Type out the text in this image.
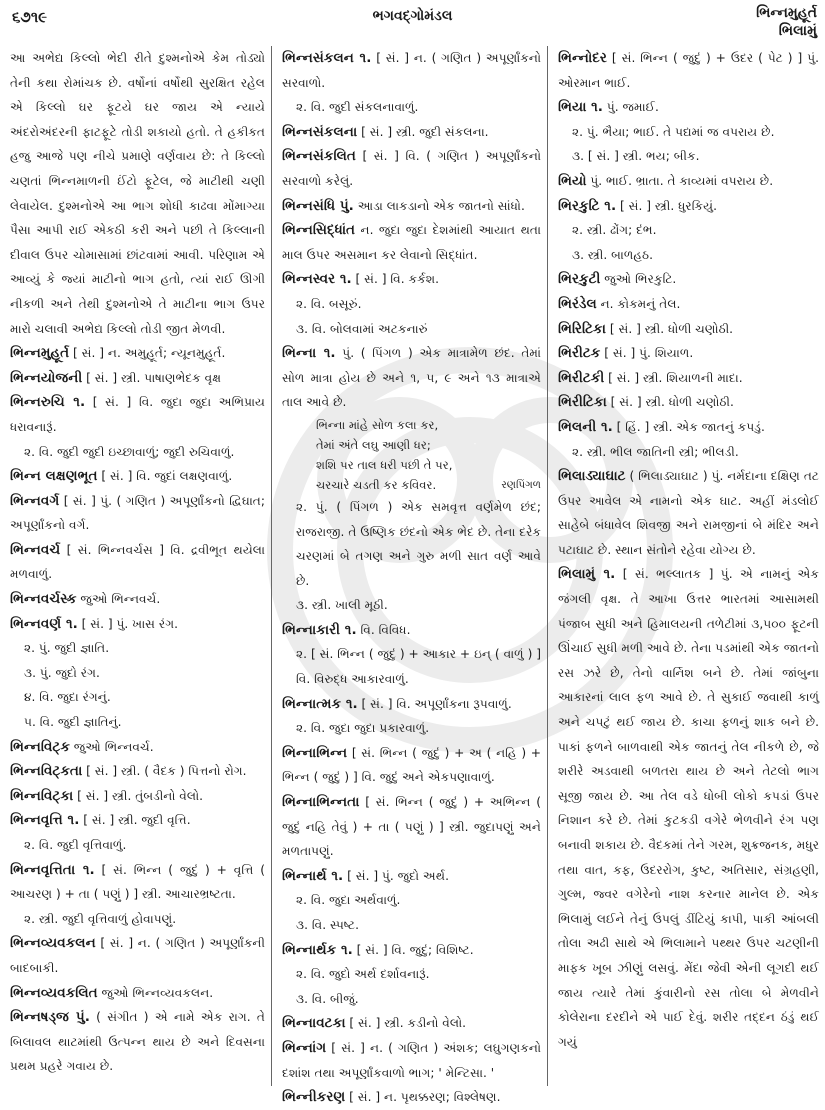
૬૭૧૯	ભગવદ્ગોમંડલ	ભિન્નમુહૂર્ત
ભિલામું
આ અભેદ્ય કિલ્લો ભેદી રીતે દુશ્મનોએ કેમ તોડ્યો તેની કથા રોમાંચક છે. વર્ષોનાં વર્ષોથી સુરક્ષિત રહેલ એ કિલ્લો ઘર ફૂટયે ઘર જાય એ ન્યાયે અંદરોઅંદરની ફાટફૂટે તોડી શકાયો હતો. તે હકીકત હજુ આજે પણ નીચે પ્રમાણે વર્ણવાય છે: તે કિલ્લો ચણતાં ભિન્નમાળની ઈંટો ફૂટેલ, જે માટીથી ચણી લેવાયેલ. દુશ્મનોએ આ ભાગ શોધી કાઢવા મોંમાગ્યા પૈસા આપી રાઈ એકઠી કરી અને પછી તે કિલ્લાની દીવાલ ઉપર ચોમાસામાં છાંટવામાં આવી. પરિણામ એ આવ્યું કે જ્યાં માટીનો ભાગ હતો, ત્યાં રાઈ ઊગી નીકળી અને તેથી દુશ્મનોએ તે માટીના ભાગ ઉપર મારો ચલાવી અભેદ્ય કિલ્લો તોડી જીત મેળવી.
ભિન્નમુહૂર્ત [ સં. ] ન. અમુહૂર્ત; ન્યૂનમુહૂર્ત.
ભિન્નયોજની [ સં. ] સ્ત્રી. પાષાણભેદક વૃક્ષ
ભિન્નરુચિ ૧. [ સં. ] વિ. જુદા જુદા અભિપ્રાય ધરાવનારૂં.
૨. વિ. જુદી જુદી ઇચ્છાવાળું; જુદી રુચિવાળું.
ભિન્ન લક્ષણભૂત [ સં. ] વિ. જુદાં લક્ષણવાળું.
ભિન્નવર્ગ [ સં. ] પું. ( ગણિત ) અપૂર્ણાંકનો દ્વિઘાત; અપૂર્ણાંકનો વર્ગ.
ભિન્નવર્ચ [ સં. ભિન્નવર્ચસ ] વિ. દ્રવીભૂત થયેલા મળવાળું.
ભિન્નવર્ચસ્ક જુઓ ભિન્નવર્ચ.
ભિન્નવર્ણ ૧. [ સં. ] પું. ખાસ રંગ.
૨. પું. જુદી જ્ઞાતિ.
૩. પું. જુદો રંગ.
૪. વિ. જુદા રંગનું.
૫. વિ. જુદી જ્ઞાતિનું.
ભિન્નવિટ્ક જુઓ ભિન્નવર્ચ.
ભિન્નવિટ્કતા [ સં. ] સ્ત્રી. ( વૈદક ) પિત્તનો રોગ.
ભિન્નવિટ્કા [ સં. ] સ્ત્રી. તુંબડીનો વેલો.
ભિન્નવૃત્તિ ૧. [ સં. ] સ્ત્રી. જુદી વૃત્તિ.
૨. વિ. જુદી વૃત્તિવાળું.
ભિન્નવૃત્તિતા ૧. [ સં. ભિન્ન ( જુદું ) + વૃત્તિ ( આચરણ ) + તા ( પણું ) ] સ્ત્રી. આચારભ્રષ્ટતા.
૨. સ્ત્રી. જુદી વૃત્તિવાળું હોવાપણું.
ભિન્નવ્યવકલન [ સં. ] ન. ( ગણિત ) અપૂર્ણાંકની બાદબાકી.
ભિન્નવ્યવકલિત જુઓ ભિન્નવ્યવકલન.
ભિન્નષડ્જ પું. ( સંગીત ) એ નામે એક રાગ. તે બિલાવલ થાટમાંથી ઉત્પન્ન થાય છે અને દિવસના પ્રથમ પ્રહરે ગવાય છે.
ભિન્નસંકલન ૧. [ સં. ] ન. ( ગણિત ) અપૂર્ણાંકનો સરવાળો.
૨. વિ. જુદી સંકલનાવાળું.
ભિન્નસંકલના [ સં. ] સ્ત્રી. જુદી સંકલના.
ભિન્નસંકલિત [ સં. ] વિ. ( ગણિત ) અપૂર્ણાંકનો સરવાળો કરેલું.
ભિન્નસંધિ પું. આડા લાકડાનો એક જાતનો સાંધો.
ભિન્નસિદ્ધાંત ન. જુદા જુદા દેશમાંથી આયાત થતા માલ ઉપર અસમાન કર લેવાનો સિદ્ધાંત.
ભિન્નસ્વર ૧. [ સં. ] વિ. કર્કશ.
૨. વિ. બસૂરું.
૩. વિ. બોલવામાં અટકનારું
ભિન્ના ૧. પું. ( પિંગળ ) એક માત્રામેળ છંદ. તેમાં સોળ માત્રા હોય છે અને ૧, ૫, ૯ અને ૧૩ માત્રાએ તાલ આવે છે.
ભિન્ના માંહે સોળ કલા કર,
તેમાં અંતે લઘુ આણી ધર;
શશિ પર તાલ ધરી પછી તે પર,
ચરચારે ચડતી કર કવિવર.	રણપિંગળ
૨. પું. ( પિંગળ ) એક સમવૃત્ત વર્ણમેળ છંદ; રાજરાજી. તે ઉષ્ણિક છંદનો એક ભેદ છે. તેના દરેક ચરણમાં બે તગણ અને ગુરુ મળી સાત વર્ણ આવે છે.
૩. સ્ત્રી. ખાલી મૂઠી.
ભિન્નાકારી ૧. વિ. વિવિધ.
૨. [ સં. ભિન્ન ( જુદું ) + આકાર + ઇન્ ( વાળું ) ] વિ. વિરુદ્ધ આકારવાળું.
ભિન્નાત્મક ૧. [ સં. ] વિ. અપૂર્ણાંકના રૂપવાળું.
૨. વિ. જુદા જુદા પ્રકારવાળું.
ભિન્નાભિન્ન [ સં. ભિન્ન ( જુદું ) + અ ( નહિ ) + ભિન્ન ( જુદું ) ] વિ. જુદું અને એકપણાવાળું.
ભિન્નાભિન્નતા [ સં. ભિન્ન ( જુદું ) + અભિન્ન ( જુદું નહિ તેવું ) + તા ( પણું ) ] સ્ત્રી. જુદાપણું અને મળતાપણું.
ભિન્નાર્થ ૧. [ સં. ] પું. જુદો અર્થ.
૨. વિ. જુદા અર્થવાળું.
૩. વિ. સ્પષ્ટ.
ભિન્નાર્થક ૧. [ સં. ] વિ. જુદું; વિશિષ્ટ.
૨. વિ. જુદો અર્થ દર્શાવનારૂં.
૩. વિ. બીજું.
ભિન્નાવટકા [ સં. ] સ્ત્રી. કડીનો વેલો.
ભિન્નાંગ [ સં. ] ન. ( ગણિત ) અંશક; લઘુગણકનો દશાંશ તથા અપૂર્ણાંકવાળો ભાગ; ' મેન્ટિસા. '
ભિન્નીકરણ [ સં. ] ન. પૃથક્કરણ; વિશ્લેષણ.
ભિન્નોદર [ સં. ભિન્ન ( જુદું ) + ઉદર ( પેટ ) ] પું. ઓરમાન ભાઈ.
ભિયા ૧. પું. જમાઈ.
૨. પું. ભૈયા; ભાઈ. તે પદ્યમાં જ વપરાય છે.
૩. [ સં. ] સ્ત્રી. ભય; બીક.
ભિયો પું. ભાઈ. ભ્રાતા. તે કાવ્યમાં વપરાય છે.
ભિરકુટિ ૧. [ સં. ] સ્ત્રી. ધુરકિયું.
૨. સ્ત્રી. ઢોંગ; દંભ.
૩. સ્ત્રી. બાળહઠ.
ભિરકુટી જુઓ ભિરકુટિ.
ભિરંડેલ ન. કોકમનું તેલ.
ભિરિટિકા [ સં. ] સ્ત્રી. ધોળી ચણોઠી.
ભિરીટક [ સં. ] પું. શિયાળ.
ભિરીટકી [ સં. ] સ્ત્રી. શિયાળની માદા.
ભિરીટિકા [ સં. ] સ્ત્રી. ધોળી ચણોઠી.
ભિલની ૧. [ હિં. ] સ્ત્રી. એક જાતનું કપડું.
૨. સ્ત્રી. ભીલ જાતિની સ્ત્રી; ભીલડી.
ભિલાડ્યાઘાટ ( ભિલાડ્યાઘાટ ) પું. નર્મદાના દક્ષિણ તટ ઉપર આવેલ એ નામનો એક ઘાટ. અહીં મંડલોઈ સાહેબે બંધાવેલ શિવજી અને રામજીનાં બે મંદિર અને પટાઘાટ છે. સ્થાન સંતોને રહેવા યોગ્ય છે.
ભિલામું ૧. [ સં. ભલ્લાતક ] પું. એ નામનું એક જંગલી વૃક્ષ. તે આખા ઉત્તર ભારતમાં આસામથી પંજાબ સુધી અને હિમાલયની તળેટીમાં ૩,૫૦૦ ફૂટની ઊંચાઈ સુધી મળી આવે છે. તેના પડમાંથી એક જાતનો રસ ઝરે છે, તેનો વાર્નિશ બને છે. તેમાં જાંબુના આકારનાં લાલ ફળ આવે છે. તે સુકાઈ જવાથી કાળું અને ચપટું થઈ જાય છે. કાચા ફળનું શાક બને છે. પાકાં ફળને બાળવાથી એક જાતનું તેલ નીકળે છે, જે શરીરે અડવાથી બળતરા થાય છે અને તેટલો ભાગ સૂજી જાય છે. આ તેલ વડે ધોબી લોકો કપડાં ઉપર નિશાન કરે છે. તેમાં કુટકડી વગેરે ભેળવીને રંગ પણ બનાવી શકાય છે. વૈદકમાં તેને ગરમ, શુક્રજનક, મધુર તથા વાત, કફ, ઉદરરોગ, કુષ્ટ, અતિસાર, સંગ્રહણી, ગુલ્મ, જ્વર વગેરેનો નાશ કરનાર માનેલ છે. એક ભિલામું લઈને તેનું ઉપલું ડીંટિયું કાપી, પાકી આંબલી તોલા અઢી સાથે એ ભિલામાને પથ્થર ઉપર ચટણીની માફક ખૂબ ઝીણું લસવું. મેંદા જેવી એની લૂગદી થઈ જાય ત્યારે તેમાં કુંવારીનો રસ તોલા બે મેળવીને કોલેરાના દરદીને એ પાઈ દેવું. શરીર તદ્દન ઠંડું થઈ ગયું
